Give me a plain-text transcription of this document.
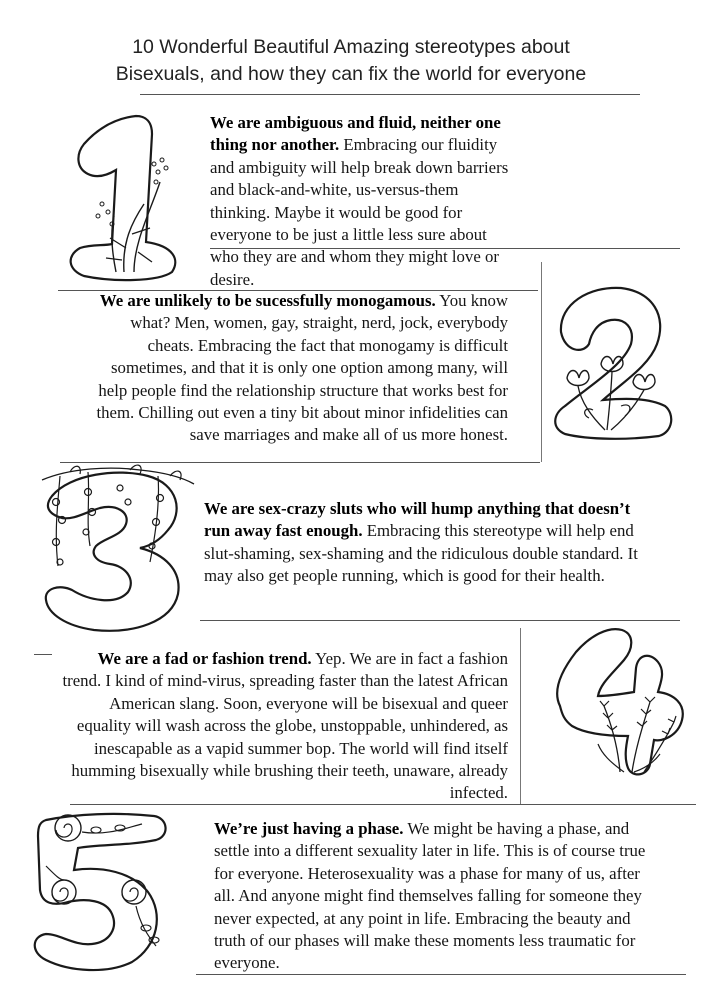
10 Wonderful Beautiful Amazing stereotypes about
Bisexuals, and how they can fix the world for everyone
We are ambiguous and fluid, neither one thing nor another. Embracing our fluidity and ambiguity will help break down barriers and black-and-white, us-versus-them thinking. Maybe it would be good for everyone to be just a little less sure about who they are and whom they might love or desire.
We are unlikely to be sucessfully monogamous. You know what? Men, women, gay, straight, nerd, jock, everybody cheats. Embracing the fact that monogamy is difficult sometimes, and that it is only one option among many, will help people find the relationship structure that works best for them. Chilling out even a tiny bit about minor infidelities can save marriages and make all of us more honest.
We are sex-crazy sluts who will hump anything that doesn’t run away fast enough. Embracing this stereotype will help end slut-shaming, sex-shaming and the ridiculous double standard. It may also get people running, which is good for their health.
We are a fad or fashion trend. Yep. We are in fact a fashion trend. I kind of mind-virus, spreading faster than the latest African American slang. Soon, everyone will be bisexual and queer equality will wash across the globe, unstoppable, unhindered, as inescapable as a vapid summer bop. The world will find itself humming bisexually while brushing their teeth, unaware, already infected.
We’re just having a phase. We might be having a phase, and settle into a different sexuality later in life. This is of course true for everyone. Heterosexuality was a phase for many of us, after all. And anyone might find themselves falling for someone they never expected, at any point in life. Embracing the beauty and truth of our phases will make these moments less traumatic for everyone.
